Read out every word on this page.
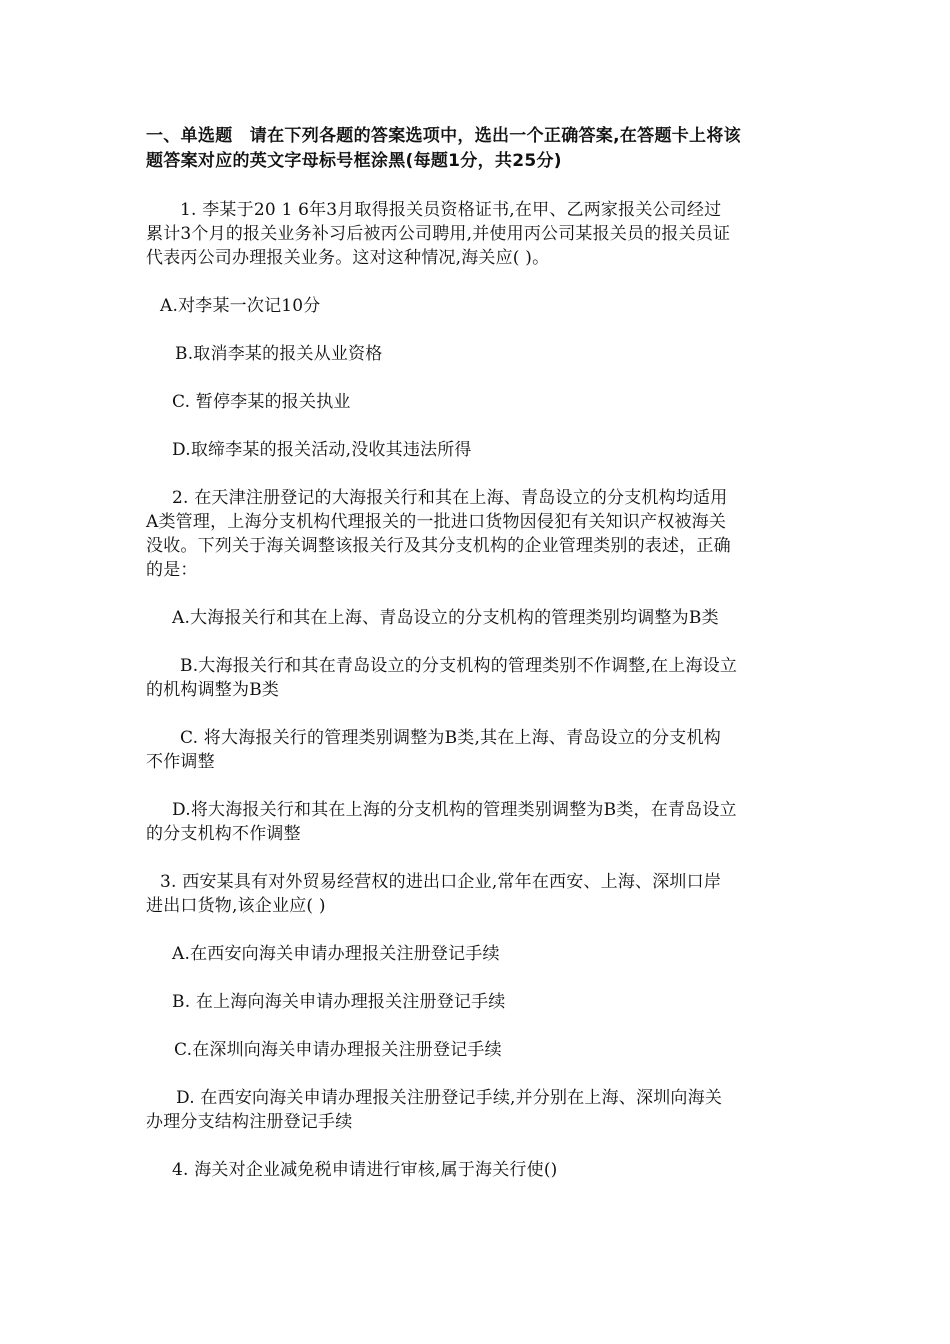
一、单选题　请在下列各题的答案选项中，选出一个正确答案,在答题卡上将该
题答案对应的英文字母标号框涂黑(每题1分，共25分)
1. 李某于20 1 6年3月取得报关员资格证书,在甲、乙两家报关公司经过
累计3个月的报关业务补习后被丙公司聘用,并使用丙公司某报关员的报关员证
代表丙公司办理报关业务。这对这种情况,海关应( )。
A.对李某一次记10分
B.取消李某的报关从业资格
C. 暂停李某的报关执业
D.取缔李某的报关活动,没收其违法所得
2. 在天津注册登记的大海报关行和其在上海、青岛设立的分支机构均适用
A类管理，上海分支机构代理报关的一批进口货物因侵犯有关知识产权被海关
没收。下列关于海关调整该报关行及其分支机构的企业管理类别的表述，正确
的是：
A.大海报关行和其在上海、青岛设立的分支机构的管理类别均调整为B类
B.大海报关行和其在青岛设立的分支机构的管理类别不作调整,在上海设立
的机构调整为B类
C. 将大海报关行的管理类别调整为B类,其在上海、青岛设立的分支机构
不作调整
D.将大海报关行和其在上海的分支机构的管理类别调整为B类，在青岛设立
的分支机构不作调整
3. 西安某具有对外贸易经营权的进出口企业,常年在西安、上海、深圳口岸
进出口货物,该企业应( )
A.在西安向海关申请办理报关注册登记手续
B. 在上海向海关申请办理报关注册登记手续
C.在深圳向海关申请办理报关注册登记手续
D. 在西安向海关申请办理报关注册登记手续,并分别在上海、深圳向海关
办理分支结构注册登记手续
4. 海关对企业减免税申请进行审核,属于海关行使()
